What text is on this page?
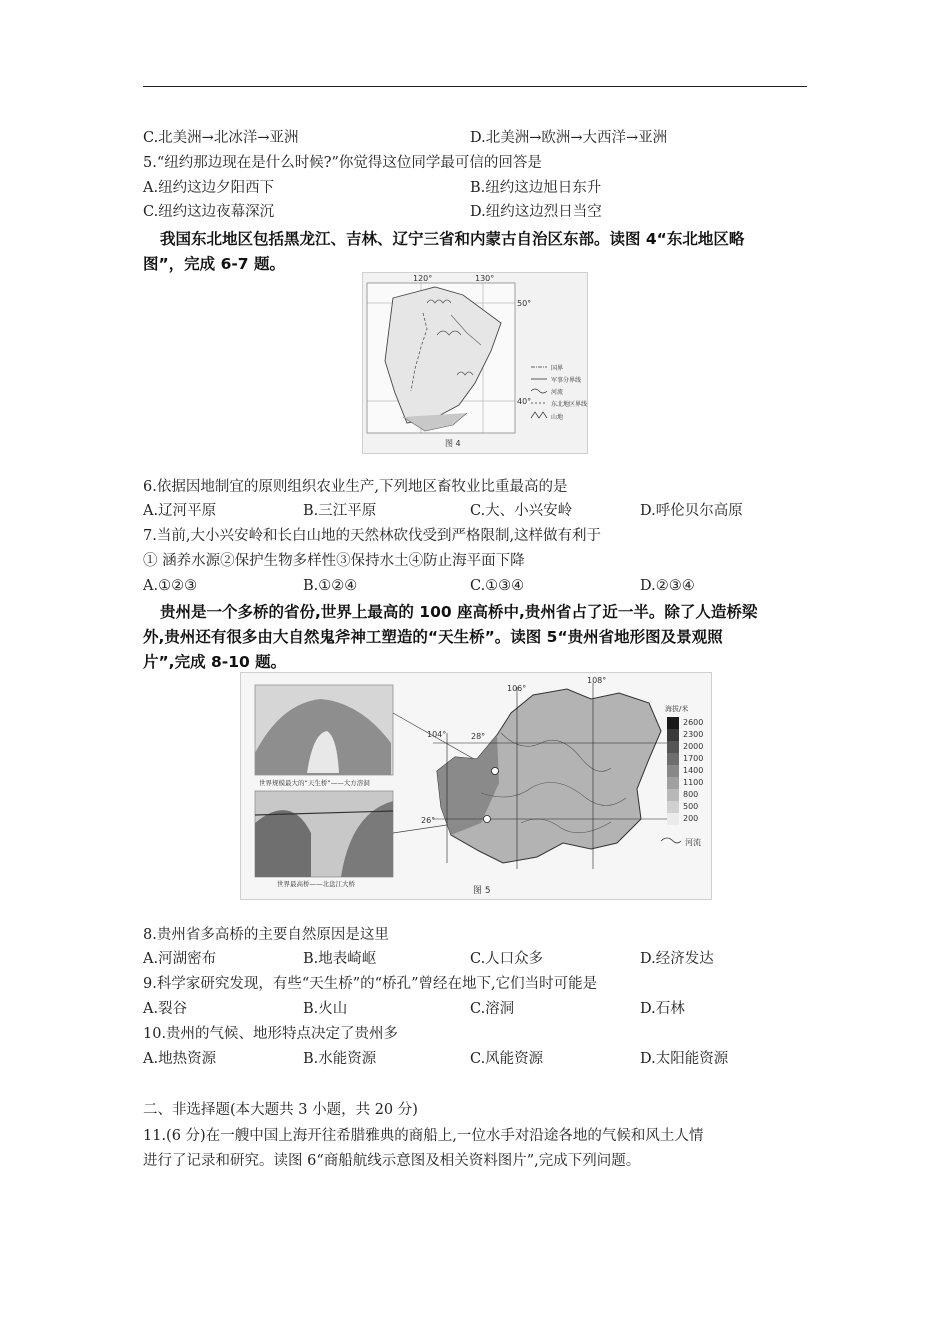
C.北美洲→北冰洋→亚洲	D.北美洲→欧洲→大西洋→亚洲
5.“纽约那边现在是什么时候?”你觉得这位同学最可信的回答是
A.纽约这边夕阳西下	B.纽约这边旭日东升
C.纽约这边夜幕深沉	D.纽约这边烈日当空
我国东北地区包括黑龙江、吉林、辽宁三省和内蒙古自治区东部。读图 4“东北地区略
图”，完成 6-7 题。
120°	130°
50°
40°
国界
军事分界线
河流
东北地区界线
山地
图 4
6.依据因地制宜的原则组织农业生产,下列地区畜牧业比重最高的是
A.辽河平原	B.三江平原	C.大、小兴安岭	D.呼伦贝尔高原
7.当前,大小兴安岭和长白山地的天然林砍伐受到严格限制,这样做有利于
① 涵养水源②保护生物多样性③保持水土④防止海平面下降
A.①②③	B.①②④	C.①③④	D.②③④
贵州是一个多桥的省份,世界上最高的 100 座高桥中,贵州省占了近一半。除了人造桥梁
外,贵州还有很多由大自然鬼斧神工塑造的“天生桥”。读图 5“贵州省地形图及景观照
片”,完成 8-10 题。
世界规模最大的“天生桥”——大方溶洞
世界最高桥——北盘江大桥
104°
106°
108°
28°
26°
海拔/米
2600
2300
2000
1700
1400
1100
800
500
200
河流
图 5
8.贵州省多高桥的主要自然原因是这里
A.河湖密布	B.地表崎岖	C.人口众多	D.经济发达
9.科学家研究发现，有些“天生桥”的“桥孔”曾经在地下,它们当时可能是
A.裂谷	B.火山	C.溶洞	D.石林
10.贵州的气候、地形特点决定了贵州多
A.地热资源	B.水能资源	C.风能资源	D.太阳能资源
二、非选择题(本大题共 3 小题，共 20 分)
11.(6 分)在一艘中国上海开往希腊雅典的商船上,一位水手对沿途各地的气候和风土人情
进行了记录和研究。读图 6“商船航线示意图及相关资料图片”,完成下列问题。
